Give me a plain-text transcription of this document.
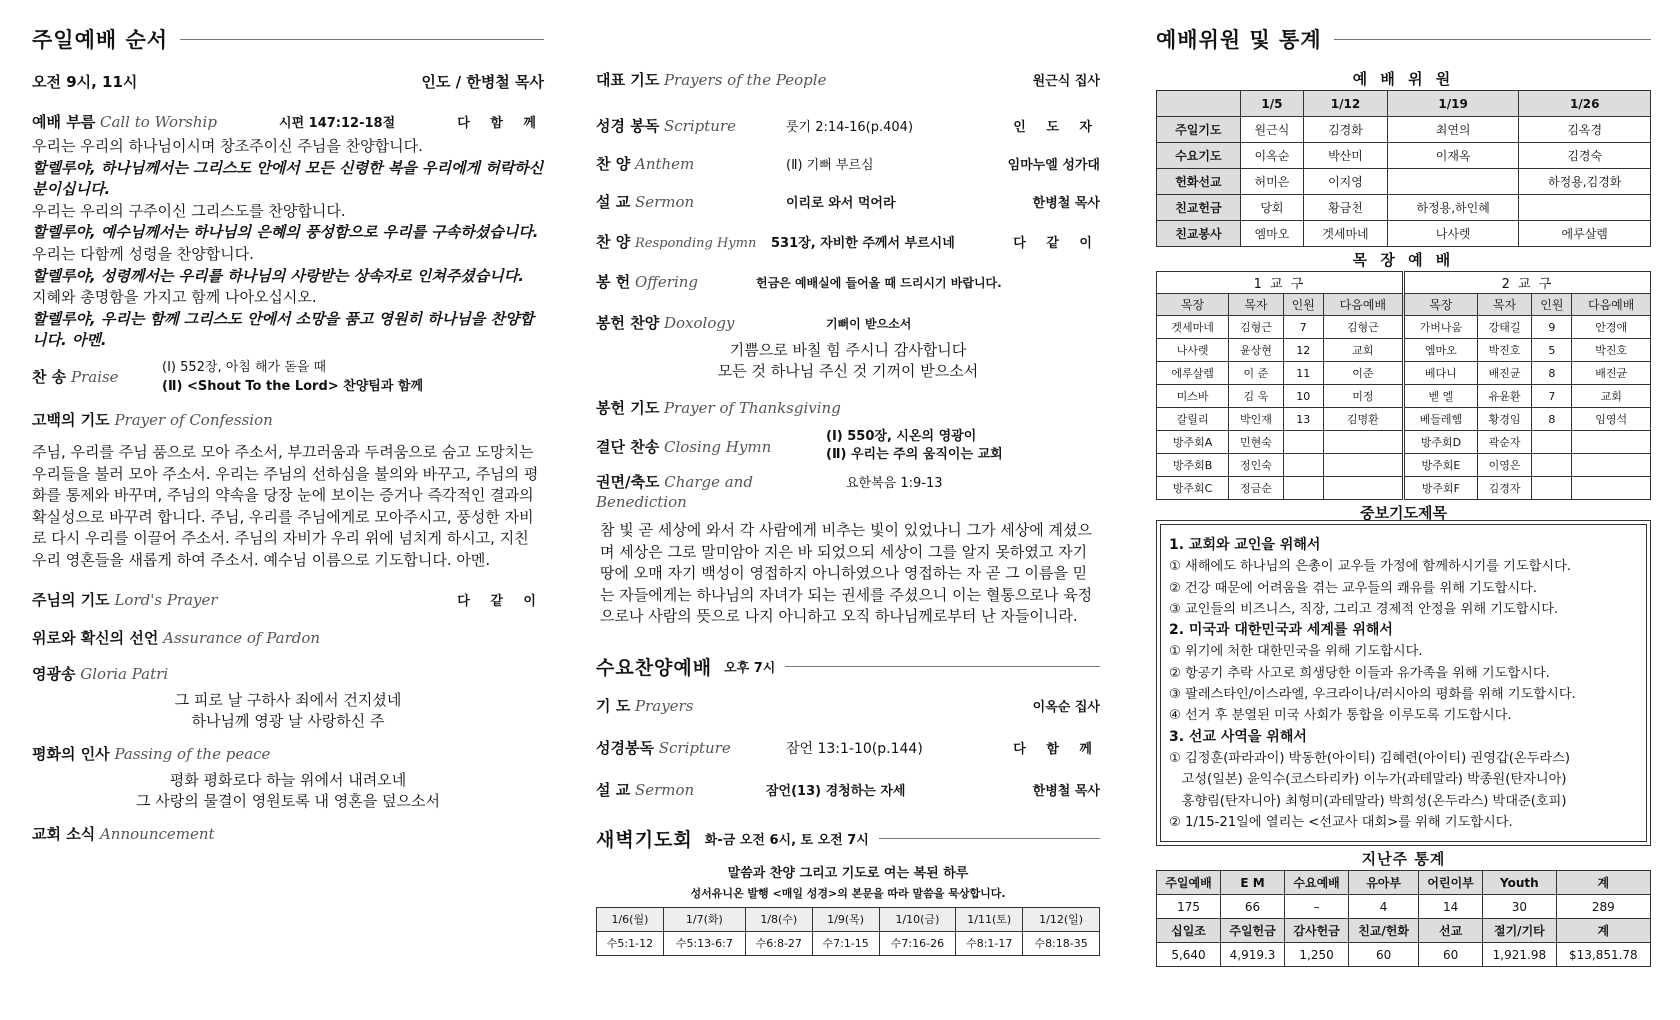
주일예배 순서
오전 9시, 11시	인도 / 한병철 목사
예배 부름 Call to Worship	시편 147:12-18절	다 함 께

우리는 우리의 하나님이시며 창조주이신 주님을 찬양합니다.

할렐루야, 하나님께서는 그리스도 안에서 모든 신령한 복을 우리에게 허락하신 분이십니다.

우리는 우리의 구주이신 그리스도를 찬양합니다.

할렐루야, 예수님께서는 하나님의 은혜의 풍성함으로 우리를 구속하셨습니다.

우리는 다함께 성령을 찬양합니다.

할렐루야, 성령께서는 우리를 하나님의 사랑받는 상속자로 인쳐주셨습니다.

지혜와 총명함을 가지고 함께 나아오십시오.

할렐루야, 우리는 함께 그리스도 안에서 소망을 품고 영원히 하나님을 찬양합니다. 아멘.

찬 송 Praise
(Ⅰ) 552장, 아침 해가 돋을 때
(Ⅱ) <Shout To the Lord> 찬양팀과 함께
고백의 기도 Prayer of Confession

주님, 우리를 주님 품으로 모아 주소서, 부끄러움과 두려움으로 숨고 도망치는 우리들을 불러 모아 주소서. 우리는 주님의 선하심을 불의와 바꾸고, 주님의 평화를 통제와 바꾸며, 주님의 약속을 당장 눈에 보이는 증거나 즉각적인 결과의 확실성으로 바꾸려 합니다. 주님, 우리를 주님에게로 모아주시고, 풍성한 자비로 다시 우리를 이끌어 주소서. 주님의 자비가 우리 위에 넘치게 하시고, 지친 우리 영혼들을 새롭게 하여 주소서. 예수님 이름으로 기도합니다. 아멘.

주님의 기도 Lord's Prayer	다 같 이
위로와 확신의 선언 Assurance of Pardon
영광송 Gloria Patri
그 피로 날 구하사 죄에서 건지셨네
하나님께 영광 날 사랑하신 주
평화의 인사 Passing of the peace
평화 평화로다 하늘 위에서 내려오네
그 사랑의 물결이 영원토록 내 영혼을 덮으소서
교회 소식 Announcement
대표 기도 Prayers of the People	원근식 집사
성경 봉독 Scripture	룻기 2:14-16(p.404)	인 도 자
찬 양 Anthem	(Ⅱ) 기뻐 부르심	임마누엘 성가대
설 교 Sermon	이리로 와서 먹어라	한병철 목사
찬 양 Responding Hymn	531장, 자비한 주께서 부르시네	다 같 이
봉 헌 Offering	헌금은 예배실에 들어올 때 드리시기 바랍니다.
봉헌 찬양 Doxology	기뻐이 받으소서
기쁨으로 바칠 힘 주시니 감사합니다
모든 것 하나님 주신 것 기꺼이 받으소서
봉헌 기도 Prayer of Thanksgiving
결단 찬송 Closing Hymn
(Ⅰ) 550장, 시온의 영광이
(Ⅱ) 우리는 주의 움직이는 교회
권면/축도 Charge and Benediction
요한복음 1:9-13

참 빛 곧 세상에 와서 각 사람에게 비추는 빛이 있었나니 그가 세상에 계셨으며 세상은 그로 말미암아 지은 바 되었으되 세상이 그를 알지 못하였고 자기 땅에 오매 자기 백성이 영접하지 아니하였으나 영접하는 자 곧 그 이름을 믿는 자들에게는 하나님의 자녀가 되는 권세를 주셨으니 이는 혈통으로나 육정으로나 사람의 뜻으로 나지 아니하고 오직 하나님께로부터 난 자들이니라.

수요찬양예배 오후 7시
기 도 Prayers	이옥순 집사
성경봉독 Scripture	잠언 13:1-10(p.144)	다 함 께
설 교 Sermon	잠언(13) 경청하는 자세	한병철 목사
새벽기도회 화-금 오전 6시, 토 오전 7시
말씀과 찬양 그리고 기도로 여는 복된 하루
성서유니온 발행 <매일 성경>의 본문을 따라 말씀을 묵상합니다.
1/6(월)	1/7(화)	1/8(수)	1/9(목)	1/10(금)	1/11(토)	1/12(일)
수5:1-12	수5:13-6:7	수6:8-27	수7:1-15	수7:16-26	수8:1-17	수8:18-35
예배위원 및 통계
예 배 위 원
	1/5	1/12	1/19	1/26
주일기도	원근식	김경화	최연의	김옥경
수요기도	이옥순	박산미	이재옥	김경숙
헌화선교	허미은	이지영		하정용,김경화
친교헌금	당회	황금천	하정용,하인혜	
친교봉사	엠마오	겟세마네	나사렛	에루살렘
목 장 예 배
1 교 구				2 교 구			
목장	목자	인원	다음예배	목장	목자	인원	다음예배
겟세마네	김형근	7	김형근	가버나움	강태길	9	안경애
나사렛	윤상현	12	교회	엠마오	박진호	5	박진호
에루살렘	이 준	11	이준	베다니	배진균	8	배진균
미스바	김 욱	10	미정	벧 엘	유윤환	7	교회
갈릴리	박인재	13	김명환	베들레헴	황경임	8	임영석
방주회A	민현숙			방주회D	곽순자		
방주회B	정인숙			방주회E	이영은		
방주회C	정금순			방주회F	김경자		
중보기도제목
1. 교회와 교인을 위해서
① 새해에도 하나님의 은총이 교우들 가정에 함께하시기를 기도합시다.
② 건강 때문에 어려움을 겪는 교우들의 쾌유를 위해 기도합시다.
③ 교인들의 비즈니스, 직장, 그리고 경제적 안정을 위해 기도합시다.
2. 미국과 대한민국과 세계를 위해서
① 위기에 처한 대한민국을 위해 기도합시다.
② 항공기 추락 사고로 희생당한 이들과 유가족을 위해 기도합시다.
③ 팔레스타인/이스라엘, 우크라이나/러시아의 평화를 위해 기도합시다.
④ 선거 후 분열된 미국 사회가 통합을 이루도록 기도합시다.
3. 선교 사역을 위해서
① 김정훈(파라과이) 박동한(아이티) 김혜련(아이티) 권영갑(온두라스)
고성(일본) 윤익수(코스타리카) 이누가(과테말라) 박종원(탄자니아)
홍향림(탄자니아) 최형미(과테말라) 박희성(온두라스) 박대준(호피)
② 1/15-21일에 열리는 <선교사 대회>를 위해 기도합시다.
지난주 통계
주일예배	E M	수요예배	유아부	어린이부	Youth	계
175	66	–	4	14	30	289
십일조	주일헌금	감사헌금	친교/헌화	선교	절기/기타	계
5,640	4,919.3	1,250	60	60	1,921.98	$13,851.78
